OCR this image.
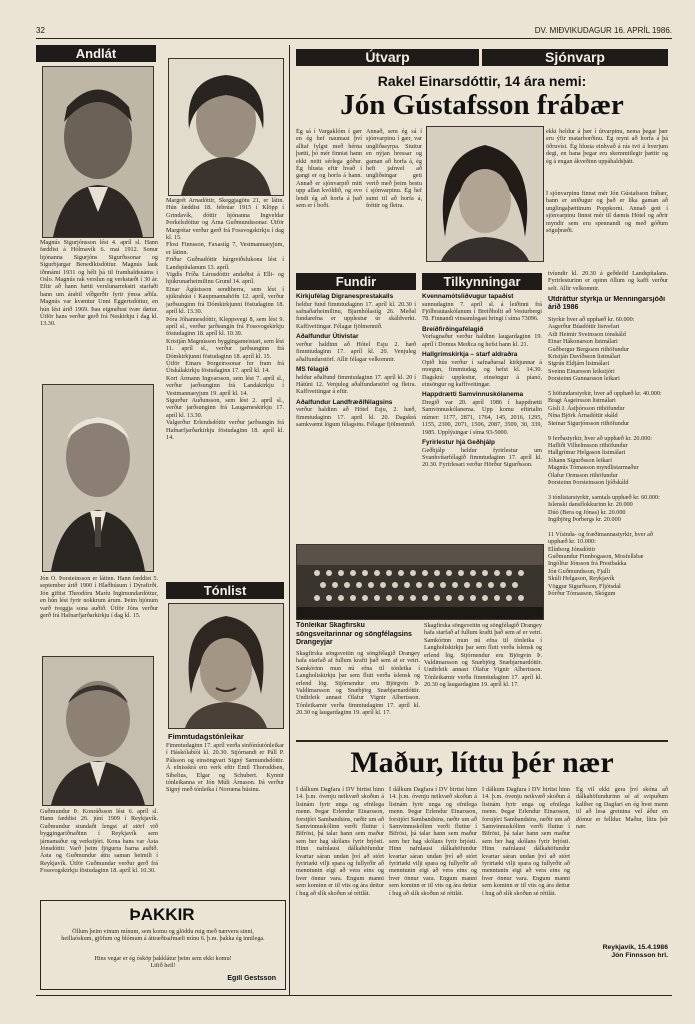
32	DV. MIÐVIKUDAGUR 16. APRÍL 1986.
Andlát
Magnús Sigurjónsson lést 4. apríl sl. Hann fæddist á Hólmavík 6. maí 1912. Sonur hjónanna Sigurjóns Sigurðssonar og Sigurbjargar Benediktsdóttur. Magnús lauk iðnnámi 1931 og hélt þá til framhaldsnáms í Oslo. Magnús rak verslun og verkstæði í 30 ár. Eftir að hann hætti verslunarrekstri starfaði hann um árabil víðgerðir fyrir ýmsa aðila. Magnús var kvæntur Unni Eggertsdóttur, en hún lést árið 1969. Þau eignuðust tvær dætur. Útför hans verður gerð frá Neskirkju í dag kl. 13.30.
Jón Ó. Þorsteinsson er látinn. Hann fæddist 5. september árið 1900 í Hlaðhúsum í Dýrafirði. Jón giftist Theodóru Maríu Ingimundardóttur, en hún lést fyrir nokkrum árum. Þeim hjónum varð tveggja sona auðið. Útför Jóns verður gerð frá Hafnarfjarðarkirkju í dag kl. 15.
Guðmundur Þ. Konráðsson lést 6. apríl sl. Hann fæddist 26. júní 1909 í Reykjavík. Guðmundur stundaði lengst af störf við byggingariðnaðinn í Reykjavík sem járnamaður og verkstjóri. Kona hans var Ásta Jónsdóttir. Varð þeim fjögurra barna auðið. Ásta og Guðmundur áttu saman heimili í Reykjavík. Útför Guðmundar verður gerð frá Fossvogskirkju föstudaginn 18. apríl kl. 10.30.
Margrét Arnadóttir, Skeggjagötu 21, er látin. Hún fæddist 18. febrúar 1915 í Klöpp í Grindavík, dóttir hjónanna Ingveldar Þorkelsdóttur og Árna Guðmundssonar. Útför Margrétar verður gerð frá Fossvogskirkju í dag kl. 15.
Flosi Finnsson, Faxastíg 7, Vestmannaeyjum, er látinn.
Friður Guðnadóttir hárgreiðslukona lést í Landspítalanum 13. apríl.
Vigdís Fríða Lárusdóttir andaðist á Elli- og hjúkrunarheimilinu Grund 14. apríl.
Einar Ágústsson sendiherra, sem lést í sjúkrahúsi í Kaupmannahöfn 12. apríl, verður jarðsunginn frá Dómkirkjunni föstudaginn 18. apríl kl. 13.30.
Þóra Jóhannesdóttir, Kleppsvegi 8, sem lést 9. apríl sl., verður jarðsungin frá Fossvogskirkju föstudaginn 18. apríl kl. 10.30.
Kristján Magnússon byggingameistari, sem lést 11. apríl sl., verður jarðsunginn frá Dómkirkjunni föstudaginn 18. apríl kl. 15.
Útför Einars Þorgeirssonar fer fram frá Útskálakirkju föstudaginn 17. apríl kl. 14.
Kort Ármann Ingvarsson, sem lést 7. apríl sl., verður jarðsunginn frá Landakirkju í Vestmannaeyjum 19. apríl kl. 14.
Sigurður Auðunsson, sem lést 2. apríl sl., verður jarðsunginn frá Laugarneskirkju 17. apríl kl. 13.30.
Valgerður Erlendsdóttir verður jarðsungin frá Hafnarfjarðarkirkju föstudaginn 18. apríl kl. 14.
Tónlist
Fimmtudagstónleikar
Fimmtudaginn 17. apríl verða sinfóníutónleikar í Háskólabíói kl. 20.30. Stjórnandi er Páll P. Pálsson og einsöngvari Signý Sæmundsdóttir. Á efnisskrá eru verk eftir Emil Thoroddsen, Sibelius, Elgar og Schubert. Kynnir tónleikanna er Jón Múli Árnason. Þá verður Signý með tónleika í Norræna húsinu.
ÞAKKIR
Öllum þeim vinum mínum, sem komu og glöddu mig með nærveru sinni, heillaóskum, gjöfum og blómum á áttræðisafmæli mínu 6. þ.m. þakka ég innilega.
Hins vegar er ég ósköp þakklátur þeim sem ekki komu!
Lifið heil!
Egill Gestsson
Útvarp	Sjónvarp
Rakel Einarsdóttir, 14 ára nemi:
Jón Gústafsson frábær
Ég sá í Vargaklóm í gær en ég hef naumast því alltaf fylgst með hérna þætti, þó mér finnist hann ekki neitt sérlega góður. Ég hlusta eftir hvað í gangi er og horfa á hann. Annað er sjónvarpið mitt upp allan kvöldið, og svo lendi ég að horfa á það sem er í boði.
Annað, sem ég sá í sjónvarpinu í gær, var ungliðasyrpa. Stuttur en nýjan hressar og gaman að horfa á, ég hefi jafnvel að ungliðsingar geti verið með þeim bestu í sjónvarpinu. Ég hef sumt til að horfa á, fréttir og fleira.
ekki heldur á þær í útvarpinu, nema þegar þær eru ýfir matarborðinu. Ég reyni að horfa á þá öðruvísi. Ég hlusta einhvað á rás tvö á hverjum degi, en hana þegar eru skemmtilegir þættir og ég á engan ákveðinn uppáhaldsþátt.
Í sjónvarpinu finnst mér Jón Gústafsson frábær, hann er sniðugur og það er líka gaman að unglingaþættinum Poppkorni. Annað gott í sjónvarpinu finnst mér til dæmis Hótel og aðrir myndir sem eru spennandi og með góðum söguþræði.
Fundir
Kirkjufélag Digranesprestakalls
heldur fund fimmtudaginn 17. apríl kl. 20.30 í safnaðarheimilinu, Bjarnhólastíg 26. Meðal fundarefna er upplestur úr skáldverki. Kaffiveitingar. Félagar fjölmennið.
Aðalfundur Útivistar
verður haldinn að Hótel Esju 2. hæð fimmtudaginn 17. apríl kl. 20. Venjuleg aðalfundarstörf. Allir félagar velkomnir.
MS félagið
heldur aðalfund fimmtudaginn 17. apríl kl. 20 í Hátúni 12. Venjuleg aðalfundarstörf og fleira. Kaffiveitingar á eftir.
Aðalfundur Landfræðifélagsins
verður haldinn að Hótel Esju, 2. hæð, fimmtudaginn 17. apríl kl. 20. Dagskrá samkvæmt lögum félagsins. Félagar fjölmennið.
Tilkynningar
Kvennamótsliðvugur tapaðist
sunnudaginn 7. apríl sl. á leiðinni frá Fjölbrautaskólanum í Breiðholti að Vesturbergi 78. Finnandi vinsamlegast hringi í síma 73096.
Breiðfirðingafélagið
Vorfagnaður verður haldinn laugardaginn 19. apríl í Domus Medica og hefst hann kl. 21.
Hallgrímskirkja – starf aldraðra
Opið hús verður í safnaðarsal kirkjunnar á morgun, fimmtudag, og hefst kl. 14.30. Dagskrá: upplestur, einsöngur á píanó, einsöngur og kaffiveitingar.
Happdrætti Samvinnuskólanema
Dregið var 20. apríl 1986 í happdrætti Samvinnuskólanema. Upp komu eftirtalin númer: 1177, 2871, 1764, 145, 2016, 1295, 1155, 2300, 2071, 1506, 2087, 3509, 30, 339, 1985. Upplýsingar í síma 93-5000.
Fyrirlestur hjá Geðhjálp
Geðhjálp heldur fyrirlestur um Svanhvítarfélagið fimmtudaginn 17. apríl kl. 20.30. Fyrirlesari verður Hörður Sigurðsson.
Tónleikar Skagfirsku söngsveitarinnar og söngfélagsins Drangeyjar
Skagfirska söngsveitin og söngfélagið Drangey hafa starfað af fullum krafti það sem af er vetri. Samkórinn mun nú efna til tónleika í Langholtskirkju þar sem flutt verða íslensk og erlend lög. Stjórnendur eru Björgvin Þ. Valdimarsson og Snæbjörg Snæbjarnardóttir. Undirleik annast Ólafur Vignir Albertsson. Tónleikarnir verða fimmtudaginn 17. apríl kl. 20.30 og laugardaginn 19. apríl kl. 17.
Skagfirska söngsveitin og söngfélagið Drangey hafa starfað af fullum krafti það sem af er vetri. Samkórinn mun nú efna til tónleika í Langholtskirkju þar sem flutt verða íslensk og erlend lög. Stjórnendur eru Björgvin Þ. Valdimarsson og Snæbjörg Snæbjarnardóttir. Undirleik annast Ólafur Vignir Albertsson. Tónleikarnir verða fimmtudaginn 17. apríl kl. 20.30 og laugardaginn 19. apríl kl. 17.
tvíundir kl. 20.30 á geðdeild Landspítalans. Fyrirlesturinn er opinn öllum og kaffi verður selt. Allir velkomnir.
Útdráttur styrkja úr Menningarsjóði árið 1986
Styrkir hver að upphæð kr. 60.000:
Asgerður Búadóttir listvefari
Atli Heimir Sveinsson tónskáld
Einar Hákonarson listmálari
Guðbergur Bergsson rithöfundur
Kristján Davíðsson listmálari
Sigrún Eldjárn listmálari
Sveinn Einarsson leikstjóri
Þorsteinn Gunnarsson leikari

5 höfundarstyrkir, hver að upphæð kr. 40.000:
Bragi Ásgeirsson listmálari
Gísli J. Ástþórsson rithöfundur
Nína Björk Árnadóttir skáld
Steinar Sigurjónsson rithöfundur

9 ferðastyrkir, hver að upphæð kr. 20.000:
Hafliði Vilhelmsson rithöfundur
Hallgrímur Helgason listmálari
Jóhann Sigurðsson leikari
Magnús Tómasson myndlistarmaður
Ólafur Ormsson rithöfundur
Þorsteinn Þorsteinsson ljóðskáld

3 tónlistarstyrkir, samtals upphæð kr. 60.000:
Islenski dansflokkurinn kr. 20.000
Dúó (Bera og Jónas) kr. 20.000
Ingibjörg Þorbergs kr. 20.000

11 Vísinda- og fræðimannastyrkir, hver að upphæð kr. 10.000:
Elínborg Jónsdóttir
Guðmundur Finnbogason, Mosfellsbæ
Ingólfur Jónsson frá Prestbakka
Jón Guðmundsson, Fjalli
Skúli Helgason, Reykjavík
Vöggur Sigurðsson, Fljótsdal
Þórður Tómasson, Skógum
Maður, líttu þér nær
Í dálkum Dagfara í DV birtist hinn 14. þ.m. óvenju neikvæð skoðun á listnám fyrir unga og efnilega menn. Þegar Erlendur Einarsson, forstjóri Sambandsins, ræðir um að Samvinnuskólinn verði fluttur í Bifröst, þá talar hann sem maður sem ber hag skólans fyrir brjósti. Hinn nafnlausi dálkahöfundur kvartar sáran undan því að stórt fyrirtæki vilji spara og fullyrðir að menntunin eigi að vera eins og hver önnur vara. Engum manni sem kominn er til vits og ára dettur í hug að slík skoðun sé réttlát.
Í dálkum Dagfara í DV birtist hinn 14. þ.m. óvenju neikvæð skoðun á listnám fyrir unga og efnilega menn. Þegar Erlendur Einarsson, forstjóri Sambandsins, ræðir um að Samvinnuskólinn verði fluttur í Bifröst, þá talar hann sem maður sem ber hag skólans fyrir brjósti. Hinn nafnlausi dálkahöfundur kvartar sáran undan því að stórt fyrirtæki vilji spara og fullyrðir að menntunin eigi að vera eins og hver önnur vara. Engum manni sem kominn er til vits og ára dettur í hug að slík skoðun sé réttlát.
Í dálkum Dagfara í DV birtist hinn 14. þ.m. óvenju neikvæð skoðun á listnám fyrir unga og efnilega menn. Þegar Erlendur Einarsson, forstjóri Sambandsins, ræðir um að Samvinnuskólinn verði fluttur í Bifröst, þá talar hann sem maður sem ber hag skólans fyrir brjósti. Hinn nafnlausi dálkahöfundur kvartar sáran undan því að stórt fyrirtæki vilji spara og fullyrðir að menntunin eigi að vera eins og hver önnur vara. Engum manni sem kominn er til vits og ára dettur í hug að slík skoðun sé réttlát.
Ég vil ekki gera því skóna að dálkahöfundurinn sé af svipuðum kalíber og Dagfari en ég hvet menn til að lesa greinina vel áður en dómur er felldur. Maður, líttu þér nær.
Reykjavík, 15.4.1986
Jón Finnsson hrl.
